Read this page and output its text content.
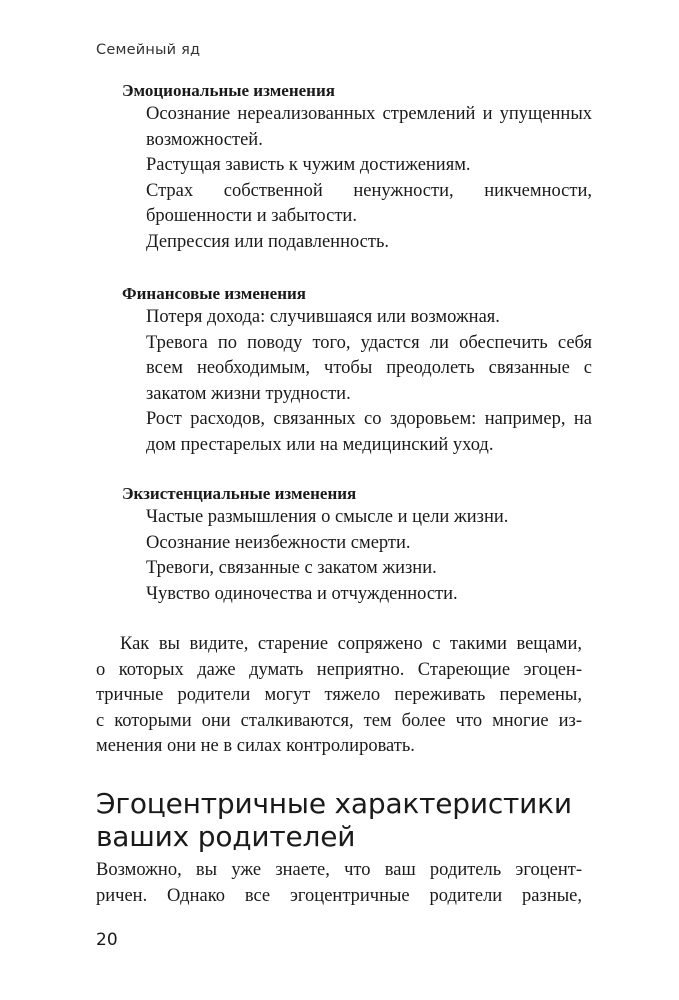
Семейный яд

Эмоциональные изменения

Осознание нереализованных стремлений и упущенных возможностей.

Растущая зависть к чужим достижениям.

Страх собственной ненужности, никчемности, брошенности и забытости.

Депрессия или подавленность.

Финансовые изменения

Потеря дохода: случившаяся или возможная.

Тревога по поводу того, удастся ли обеспечить себя всем необходимым, чтобы преодолеть связанные с закатом жизни трудности.

Рост расходов, связанных со здоровьем: например, на дом престарелых или на медицинский уход.

Экзистенциальные изменения

Частые размышления о смысле и цели жизни.

Осознание неизбежности смерти.

Тревоги, связанные с закатом жизни.

Чувство одиночества и отчужденности.

Как вы видите, старение сопряжено с такими вещами,
о которых даже думать неприятно. Стареющие эгоцен-
тричные родители могут тяжело переживать перемены,
с которыми они сталкиваются, тем более что многие из-
менения они не в силах контролировать.
Эгоцентричные характеристики ваших родителей
Возможно, вы уже знаете, что ваш родитель эгоцент-
ричен. Однако все эгоцентричные родители разные,
20
